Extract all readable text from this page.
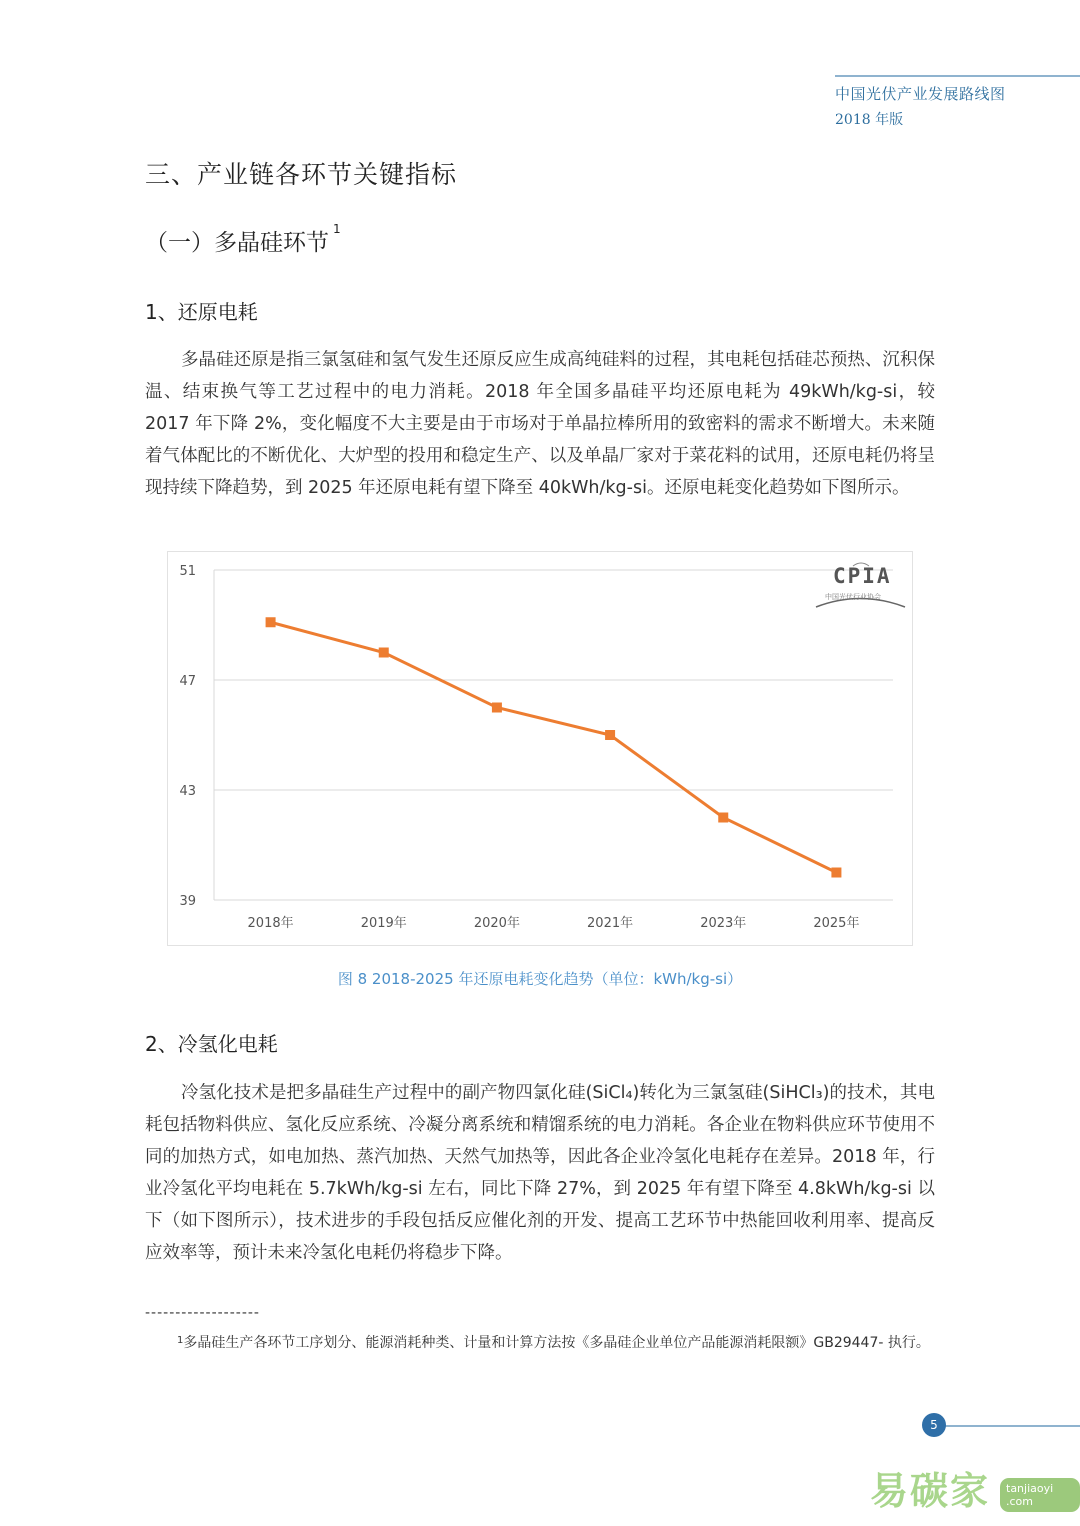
中国光伏产业发展路线图
2018 年版
三、产业链各环节关键指标
（一）多晶硅环节$^1$
1、还原电耗
多晶硅还原是指三氯氢硅和氢气发生还原反应生成高纯硅料的过程，其电耗包括硅芯预热、沉积保温、结束换气等工艺过程中的电力消耗。2018 年全国多晶硅平均还原电耗为 49kWh/kg-si，较 2017 年下降 2%，变化幅度不大主要是由于市场对于单晶拉棒所用的致密料的需求不断增大。未来随着气体配比的不断优化、大炉型的投用和稳定生产、以及单晶厂家对于菜花料的试用，还原电耗仍将呈现持续下降趋势，到 2025 年还原电耗有望下降至 40kWh/kg-si。还原电耗变化趋势如下图所示。
51
47
43
39
2018年	2019年	2020年	2021年	2023年	2025年
CPIA
中国光伏行业协会
图 8 2018-2025 年还原电耗变化趋势（单位：kWh/kg-si）
2、冷氢化电耗
冷氢化技术是把多晶硅生产过程中的副产物四氯化硅(SiCl₄)转化为三氯氢硅(SiHCl₃)的技术，其电耗包括物料供应、氢化反应系统、冷凝分离系统和精馏系统的电力消耗。各企业在物料供应环节使用不同的加热方式，如电加热、蒸汽加热、天然气加热等，因此各企业冷氢化电耗存在差异。2018 年，行业冷氢化平均电耗在 5.7kWh/kg-si 左右，同比下降 27%，到 2025 年有望下降至 4.8kWh/kg-si 以下（如下图所示），技术进步的手段包括反应催化剂的开发、提高工艺环节中热能回收利用率、提高反应效率等，预计未来冷氢化电耗仍将稳步下降。
-------------------
$^1$多晶硅生产各环节工序划分、能源消耗种类、计量和计算方法按《多晶硅企业单位产品能源消耗限额》GB29447- 执行。
5
易碳家	tanjiaoyi .com
